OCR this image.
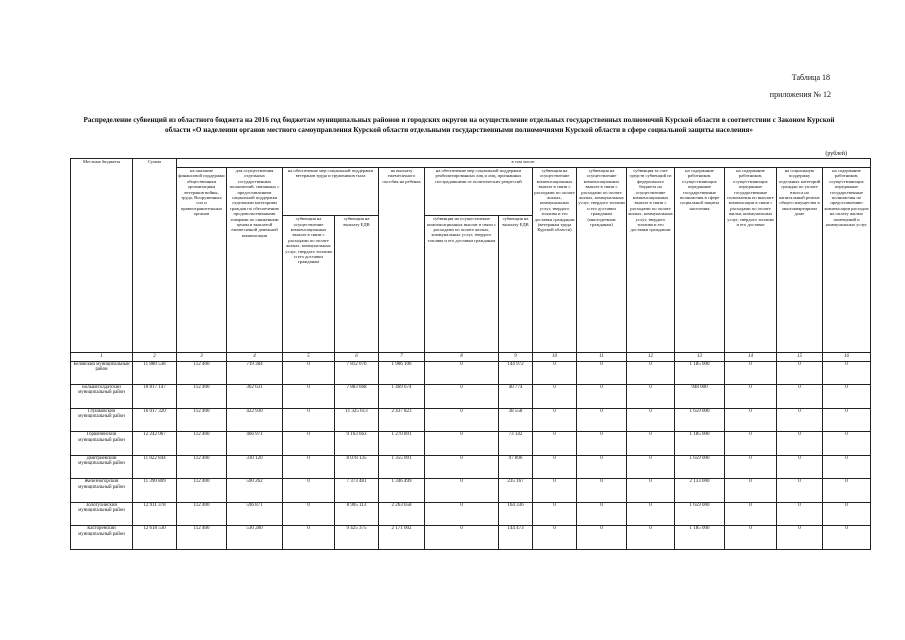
Таблица 18
приложения № 12
Распределение субвенций из областного бюджета на 2016 год бюджетам муниципальных районов и городских округов на осуществление отдельных государственных полномочий Курской области в соответствии с Законом Курской области «О наделении органов местного самоуправления Курской области отдельными государственными полномочиями Курской области в сфере социальной защиты населения»
(рублей)
Местные бюджеты	Сумма	в том числе:													
		на оказание финансовой поддержки общественным организациям ветеранов войны, труда, Вооруженных сил и правоохранительных органов	для осуществления отдельных государственных полномочий, связанных с предоставлением социальной поддержки отдельным категориям граждан по обеспечению продовольственными товарами по сниженным ценам и выплатой ежемесячной денежной компенсации	на обеспечение мер социальной поддержки ветеранов труда и тружеников тыла		на выплату ежемесячного пособия на ребенка	на обеспечение мер социальной поддержки реабилитированных лиц и лиц, признанных пострадавшими от политических репрессий		субвенция на осуществление компенсационных выплат в связи с расходами по оплате жилых, коммунальных услуг, твердого топлива и его доставки гражданам (ветеранам труда Курской области)	субвенция на осуществление компенсационных выплат в связи с расходами по оплате жилых, коммунальных услуг, твердого топлива и его доставки гражданам (многодетным гражданам)	субвенция за счет средств субвенций из федерального бюджета на осуществление компенсационных выплат в связи с расходами по оплате жилых, коммунальных услуг, твердого топлива и его доставки гражданам	на содержание работников, осуществляющих переданные государственные полномочия в сфере социальной защиты населения	на содержание работников, осуществляющих переданные государственные полномочия по выплате компенсации в связи с расходами по оплате жилья, коммунальных услуг, твердого топлива и его доставке	на социальную поддержку отдельных категорий граждан по уплате взноса на капитальный ремонт общего имущества в многоквартирном доме	на содержание работников, осуществляющих переданные государственные полномочия по предоставлению компенсации расходов на оплату жилых помещений и коммунальных услуг
				субвенция на осуществление компенсационных выплат в связи с расходами по оплате жилых, коммунальных услуг, твердого топлива и его доставки гражданам	субвенция на выплату ЕДВ		субвенция на осуществление компенсационных выплат в связи с расходами по оплате жилых, коммунальных услуг, твердого топлива и его доставки гражданам	субвенция на выплату ЕДВ							
1	2	3	4	5	6	7	8	9	10	11	12	13	14	15	16
Беловский муниципальный район	11 880 538	112 400	719 384	0	7 812 076	1 906 106	0	144 972	0	0	0	1 185 000	0	0	0
Большесолдатский муниципальный район	10 817 147	112 400	362 631	0	7 883 668	1 469 674	0	40 774	0	0	0	948 000	0	0	0
Глушковский муниципальный район	16 017 320	112 400	422 930	0	11 325 613	2 437 823	0	38 558	0	0	0	1 659 000	0	0	0
Горшеченский муниципальный район	12 242 067	112 400	466 971	0	9 163 663	1 270 891	0	73 142	0	0	0	1 185 000	0	0	0
Дмитриевский муниципальный район	11 822 844	112 400	330 120	0	8 078 135	1 355 091	0	97 896	0	0	0	1 659 000	0	0	0
Железногорский муниципальный район	11 390 809	112 400	590 262	0	7 373 481	1 346 499	0	235 167	0	0	0	2 133 000	0	0	0
Золотухинский муниципальный район	12 911 378	112 400	596 871	0	8 905 113	2 263 658	0	164 336	0	0	0	1 659 000	0	0	0
Касторенский муниципальный район	12 618 530	112 400	530 280	0	9 425 375	2 171 002	0	144 473	0	0	0	1 185 000	0	0	0
